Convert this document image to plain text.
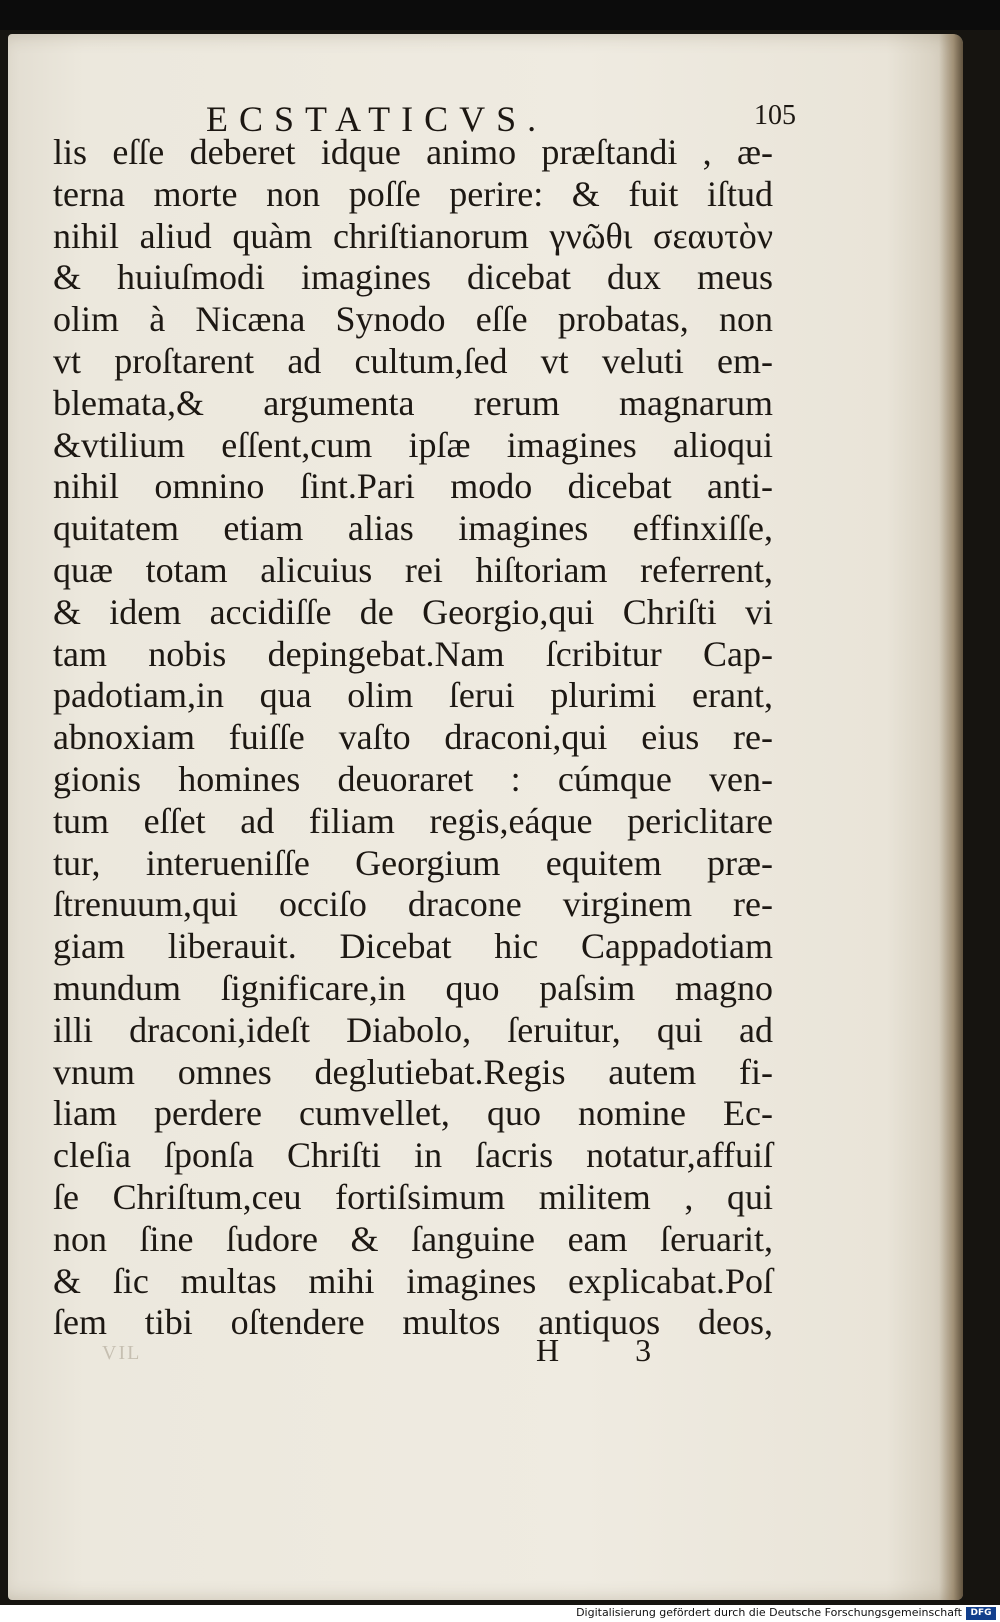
ECSTATICVS.	105
lis eſſe deberet idque animo præſtandi , æ-
terna morte non poſſe perire: & fuit iſtud
nihil aliud quàm chriſtianorum γνῶθι σεαυτὸν
& huiuſmodi imagines dicebat dux meus
olim à Nicæna Synodo eſſe probatas, non
vt proſtarent ad cultum,ſed vt veluti em-
blemata,& argumenta rerum magnarum
&vtilium eſſent,cum ipſæ imagines alioqui
nihil omnino ſint.Pari modo dicebat anti-
quitatem etiam alias imagines effinxiſſe,
quæ totam alicuius rei hiſtoriam referrent,
& idem accidiſſe de Georgio,qui Chriſti vi
tam nobis depingebat.Nam ſcribitur Cap-
padotiam,in qua olim ſerui plurimi erant,
abnoxiam fuiſſe vaſto draconi,qui eius re-
gionis homines deuoraret : cúmque ven-
tum eſſet ad filiam regis,eáque periclitare
tur, interueniſſe Georgium equitem præ-
ſtrenuum,qui occiſo dracone virginem re-
giam liberauit. Dicebat hic Cappadotiam
mundum ſignificare,in quo paſsim magno
illi draconi,ideſt Diabolo, ſeruitur, qui ad
vnum omnes deglutiebat.Regis autem fi-
liam perdere cumvellet, quo nomine Ec-
cleſia ſponſa Chriſti in ſacris notatur,affuiſ
ſe Chriſtum,ceu fortiſsimum militem , qui
non ſine ſudore & ſanguine eam ſeruarit,
& ſic multas mihi imagines explicabat.Poſ
ſem tibi oſtendere multos antiquos deos,
VIL	H 3
Digitalisierung gefördert durch die Deutsche Forschungsgemeinschaft DFG
